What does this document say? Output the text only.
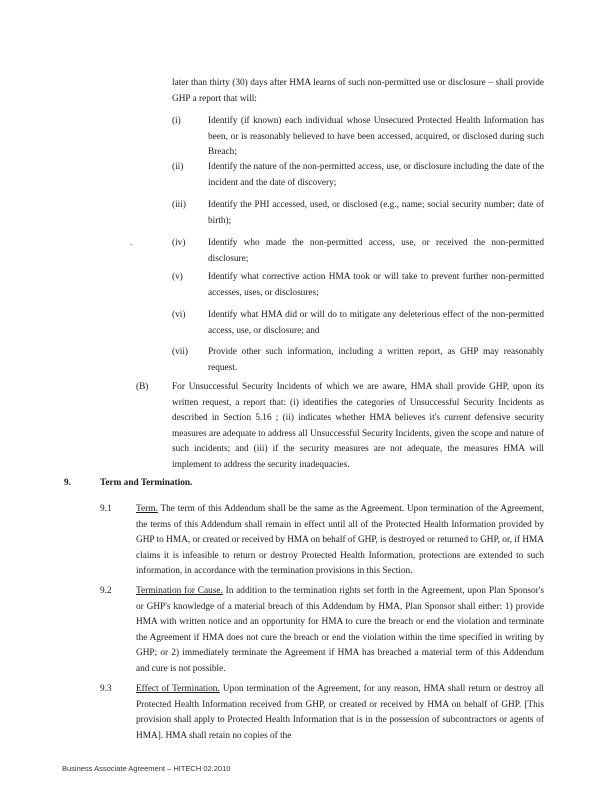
later than thirty (30) days after HMA learns of such non-permitted use or disclosure – shall provide GHP a report that will:
(i)	Identify (if known) each individual whose Unsecured Protected Health Information has been, or is reasonably believed to have been accessed, acquired, or disclosed during such Breach;
(ii)	Identify the nature of the non-permitted access, use, or disclosure including the date of the incident and the date of discovery;
(iii) Identify the PHI accessed, used, or disclosed (e.g., name; social security number; date of birth);
-	(iv) Identify who made the non-permitted access, use, or received the non-permitted disclosure;
(v)	Identify what corrective action HMA took or will take to prevent further non-permitted accesses, uses, or disclosures;
(vi) Identify what HMA did or will do to mitigate any deleterious effect of the non-permitted access, use, or disclosure; and
(vii) Provide other such information, including a written report, as GHP may reasonably request.
(B)	For Unsuccessful Security Incidents of which we are aware, HMA shall provide GHP, upon its written request, a report that: (i) identifies the categories of Unsuccessful Security Incidents as described in Section 5.16 ; (ii) indicates whether HMA believes it's current defensive security measures are adequate to address all Unsuccessful Security Incidents, given the scope and nature of such incidents; and (iii) if the security measures are not adequate, the measures HMA will implement to address the security inadequacies.
9.	Term and Termination.
9.1	Term. The term of this Addendum shall be the same as the Agreement. Upon termination of the Agreement, the terms of this Addendum shall remain in effect until all of the Protected Health Information provided by GHP to HMA, or created or received by HMA on behalf of GHP, is destroyed or returned to GHP, or, if HMA claims it is infeasible to return or destroy Protected Health Information, protections are extended to such information, in accordance with the termination provisions in this Section.
9.2	Termination for Cause. In addition to the termination rights set forth in the Agreement, upon Plan Sponsor's or GHP's knowledge of a material breach of this Addendum by HMA, Plan Sponsor shall either: 1) provide HMA with written notice and an opportunity for HMA to cure the breach or end the violation and terminate the Agreement if HMA does not cure the breach or end the violation within the time specified in writing by GHP; or 2) immediately terminate the Agreement if HMA has breached a material term of this Addendum and cure is not possible.
9.3	Effect of Termination. Upon termination of the Agreement, for any reason, HMA shall return or destroy all Protected Health Information received from GHP, or created or received by HMA on behalf of GHP. [This provision shall apply to Protected Health Information that is in the possession of subcontractors or agents of HMA]. HMA shall retain no copies of the
Business Associate Agreement – HITECH 02.2010
